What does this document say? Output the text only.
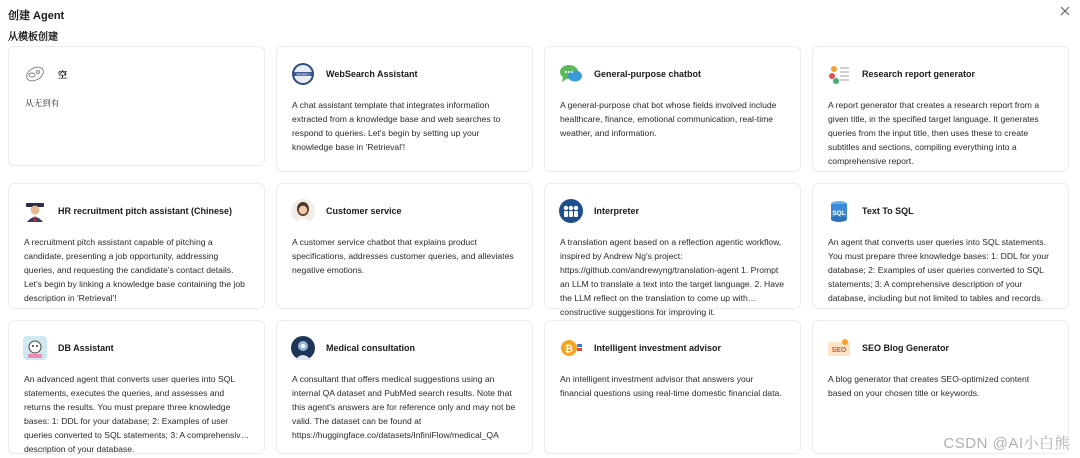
创建 Agent
从模板创建
空
从无到有
SEARCH WebSearch Assistant
A chat assistant template that integrates information extracted from a knowledge base and web searches to respond to queries. Let's begin by setting up your knowledge base in 'Retrieval'!
General-purpose chatbot
A general-purpose chat bot whose fields involved include healthcare, finance, emotional communication, real-time weather, and information.
Research report generator
A report generator that creates a research report from a given title, in the specified target language. It generates queries from the input title, then uses these to create subtitles and sections, compiling everything into a comprehensive report.
HR recruitment pitch assistant (Chinese)
A recruitment pitch assistant capable of pitching a candidate, presenting a job opportunity, addressing queries, and requesting the candidate's contact details. Let's begin by linking a knowledge base containing the job description in 'Retrieval'!
Customer service
A customer service chatbot that explains product specifications, addresses customer queries, and alleviates negative emotions.
Interpreter
A translation agent based on a reflection agentic workflow, inspired by Andrew Ng's project: https://github.com/andrewyng/translation-agent 1. Prompt an LLM to translate a text into the target language. 2. Have the LLM reflect on the translation to come up with constructive suggestions for improving it.
SQL Text To SQL
An agent that converts user queries into SQL statements. You must prepare three knowledge bases: 1: DDL for your database; 2: Examples of user queries converted to SQL statements; 3: A comprehensive description of your database, including but not limited to tables and records.
DB Assistant
An advanced agent that converts user queries into SQL statements, executes the queries, and assesses and returns the results. You must prepare three knowledge bases: 1: DDL for your database; 2: Examples of user queries converted to SQL statements; 3: A comprehensive description of your database.
Medical consultation
A consultant that offers medical suggestions using an internal QA dataset and PubMed search results. Note that this agent's answers are for reference only and may not be valid. The dataset can be found at https://huggingface.co/datasets/InfiniFlow/medical_QA
₿ Intelligent investment advisor
An intelligent investment advisor that answers your financial questions using real-time domestic financial data.
SEO SEO Blog Generator
A blog generator that creates SEO-optimized content based on your chosen title or keywords.
CSDN @AI小白熊
